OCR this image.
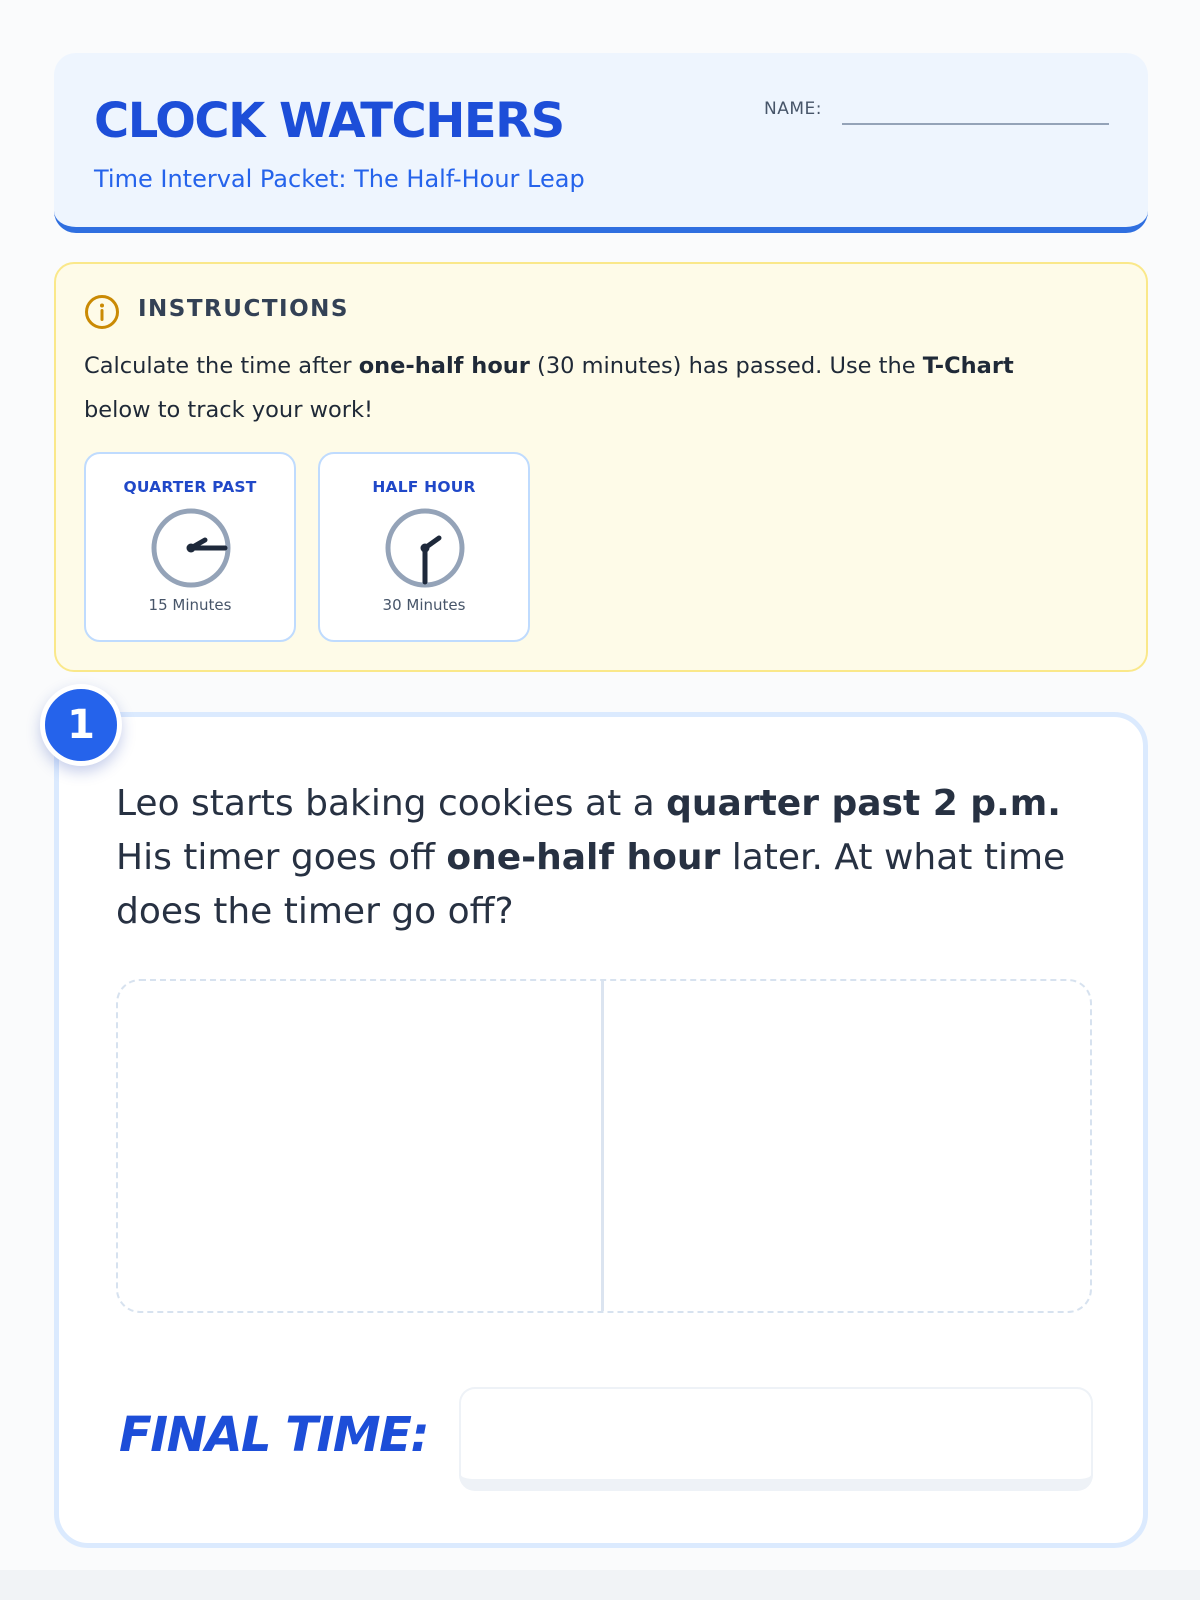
CLOCK WATCHERS
Time Interval Packet: The Half-Hour Leap
NAME:
INSTRUCTIONS
Calculate the time after one-half hour (30 minutes) has passed. Use the T-Chart below to track your work!
QUARTER PAST
15 Minutes
HALF HOUR
30 Minutes
Leo starts baking cookies at a quarter past 2 p.m. His timer goes off one-half hour later. At what time does the timer go off?
FINAL TIME:
1
